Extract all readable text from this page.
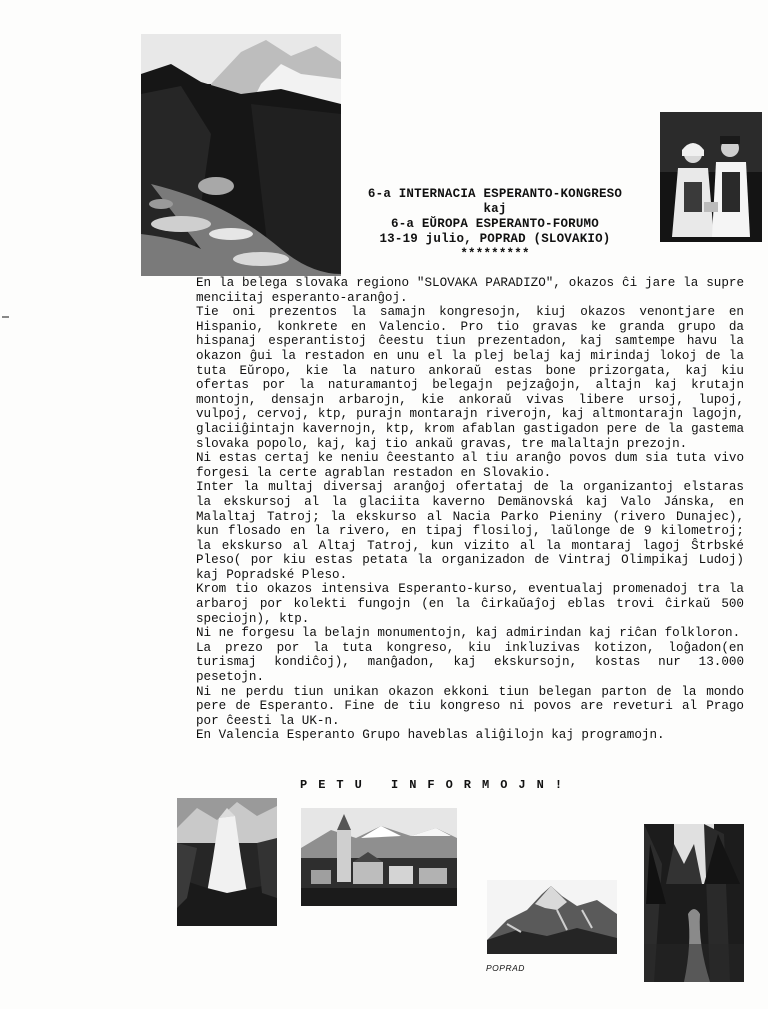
6-a INTERNACIA ESPERANTO-KONGRESO
kaj
6-a EŬROPA ESPERANTO-FORUMO
13-19 julio, POPRAD (SLOVAKIO)
*********

En la belega slovaka regiono "SLOVAKA PARADIZO", okazos ĉi jare la supre menciitaj esperanto-aranĝoj.

Tie oni prezentos la samajn kongresojn, kiuj okazos venontjare en Hispanio, konkrete en Valencio. Pro tio gravas ke granda grupo da hispanaj esperantistoj ĉeestu tiun prezentadon, kaj samtempe havu la okazon ĝui la restadon en unu el la plej belaj kaj mirindaj lokoj de la tuta Eŭropo, kie la naturo ankoraŭ estas bone prizorgata, kaj kiu ofertas por la naturamantoj belegajn pejzaĝojn, altajn kaj krutajn montojn, densajn arbarojn, kie ankoraŭ vivas libere ursoj, lupoj, vulpoj, cervoj, ktp, purajn montarajn riverojn, kaj altmontarajn lagojn, glaciiĝintajn kavernojn, ktp, krom afablan gastigadon pere de la gastema slovaka popolo, kaj, kaj tio ankaŭ gravas, tre malaltajn prezojn.

Ni estas certaj ke neniu ĉeestanto al tiu aranĝo povos dum sia tuta vivo forgesi la certe agrablan restadon en Slovakio.

Inter la multaj diversaj aranĝoj ofertataj de la organizantoj elstaras la ekskursoj al la glaciita kaverno Demänovská kaj Valo Jánska, en Malaltaj Tatroj; la ekskurso al Nacia Parko Pieniny (rivero Dunajec), kun flosado en la rivero, en tipaj flosiloj, laŭlonge de 9 kilometroj; la ekskurso al Altaj Tatroj, kun vizito al la montaraj lagoj Ŝtrbské Pleso( por kiu estas petata la organizadon de Vintraj Olimpikaj Ludoj) kaj Popradské Pleso.

Krom tio okazos intensiva Esperanto-kurso, eventualaj promenadoj tra la arbaroj por kolekti fungojn (en la ĉirkaŭaĵoj eblas trovi ĉirkaŭ 500 speciojn), ktp.

Ni ne forgesu la belajn monumentojn, kaj admirindan kaj riĉan folkloron.

La prezo por la tuta kongreso, kiu inkluzivas kotizon, loĝadon(en turismaj kondiĉoj), manĝadon, kaj ekskursojn, kostas nur 13.000 pesetojn.

Ni ne perdu tiun unikan okazon ekkoni tiun belegan parton de la mondo pere de Esperanto. Fine de tiu kongreso ni povos are reveturi al Prago por ĉeesti la UK-n.

En Valencia Esperanto Grupo haveblas aliĝilojn kaj programojn.

PETU INFORMOJN!
POPRAD
